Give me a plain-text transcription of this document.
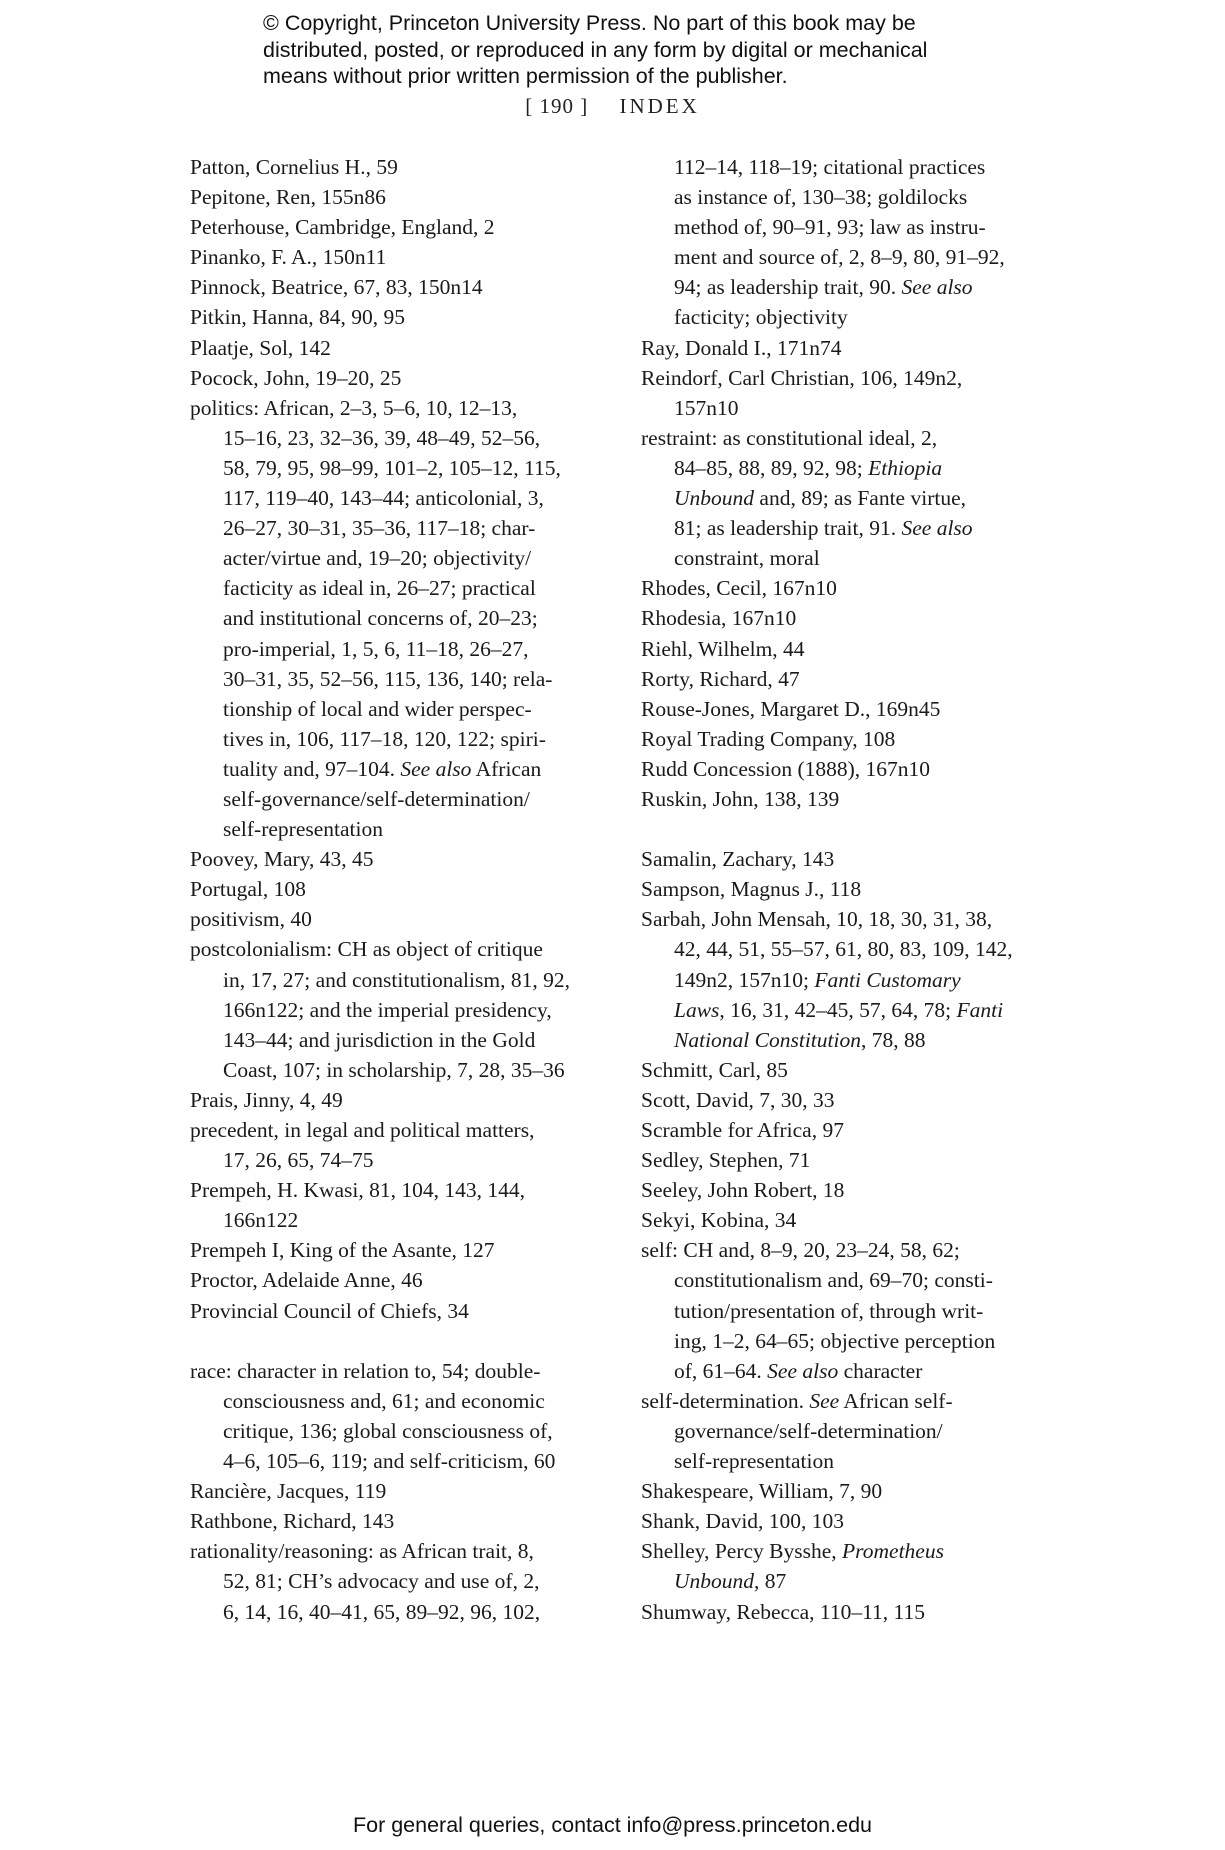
© Copyright, Princeton University Press. No part of this book may be
distributed, posted, or reproduced in any form by digital or mechanical
means without prior written permission of the publisher.
[ 190 ] INDEX
Patton, Cornelius H., 59
Pepitone, Ren, 155n86
Peterhouse, Cambridge, England, 2
Pinanko, F. A., 150n11
Pinnock, Beatrice, 67, 83, 150n14
Pitkin, Hanna, 84, 90, 95
Plaatje, Sol, 142
Pocock, John, 19–20, 25
politics: African, 2–3, 5–6, 10, 12–13,
15–16, 23, 32–36, 39, 48–49, 52–56,
58, 79, 95, 98–99, 101–2, 105–12, 115,
117, 119–40, 143–44; anticolonial, 3,
26–27, 30–31, 35–36, 117–18; char-
acter/virtue and, 19–20; objectivity/
facticity as ideal in, 26–27; practical
and institutional concerns of, 20–23;
pro-imperial, 1, 5, 6, 11–18, 26–27,
30–31, 35, 52–56, 115, 136, 140; rela-
tionship of local and wider perspec-
tives in, 106, 117–18, 120, 122; spiri-
tuality and, 97–104. See also African
self-governance/self-determination/
self-representation
Poovey, Mary, 43, 45
Portugal, 108
positivism, 40
postcolonialism: CH as object of critique
in, 17, 27; and constitutionalism, 81, 92,
166n122; and the imperial presidency,
143–44; and jurisdiction in the Gold
Coast, 107; in scholarship, 7, 28, 35–36
Prais, Jinny, 4, 49
precedent, in legal and political matters,
17, 26, 65, 74–75
Prempeh, H. Kwasi, 81, 104, 143, 144,
166n122
Prempeh I, King of the Asante, 127
Proctor, Adelaide Anne, 46
Provincial Council of Chiefs, 34
race: character in relation to, 54; double-
consciousness and, 61; and economic
critique, 136; global consciousness of,
4–6, 105–6, 119; and self-criticism, 60
Rancière, Jacques, 119
Rathbone, Richard, 143
rationality/reasoning: as African trait, 8,
52, 81; CH’s advocacy and use of, 2,
6, 14, 16, 40–41, 65, 89–92, 96, 102,
112–14, 118–19; citational practices
as instance of, 130–38; goldilocks
method of, 90–91, 93; law as instru-
ment and source of, 2, 8–9, 80, 91–92,
94; as leadership trait, 90. See also
facticity; objectivity
Ray, Donald I., 171n74
Reindorf, Carl Christian, 106, 149n2,
157n10
restraint: as constitutional ideal, 2,
84–85, 88, 89, 92, 98; Ethiopia
Unbound and, 89; as Fante virtue,
81; as leadership trait, 91. See also
constraint, moral
Rhodes, Cecil, 167n10
Rhodesia, 167n10
Riehl, Wilhelm, 44
Rorty, Richard, 47
Rouse-Jones, Margaret D., 169n45
Royal Trading Company, 108
Rudd Concession (1888), 167n10
Ruskin, John, 138, 139
Samalin, Zachary, 143
Sampson, Magnus J., 118
Sarbah, John Mensah, 10, 18, 30, 31, 38,
42, 44, 51, 55–57, 61, 80, 83, 109, 142,
149n2, 157n10; Fanti Customary
Laws, 16, 31, 42–45, 57, 64, 78; Fanti
National Constitution, 78, 88
Schmitt, Carl, 85
Scott, David, 7, 30, 33
Scramble for Africa, 97
Sedley, Stephen, 71
Seeley, John Robert, 18
Sekyi, Kobina, 34
self: CH and, 8–9, 20, 23–24, 58, 62;
constitutionalism and, 69–70; consti-
tution/presentation of, through writ-
ing, 1–2, 64–65; objective perception
of, 61–64. See also character
self-determination. See African self-
governance/self-determination/
self-representation
Shakespeare, William, 7, 90
Shank, David, 100, 103
Shelley, Percy Bysshe, Prometheus
Unbound, 87
Shumway, Rebecca, 110–11, 115
For general queries, contact info@press.princeton.edu
